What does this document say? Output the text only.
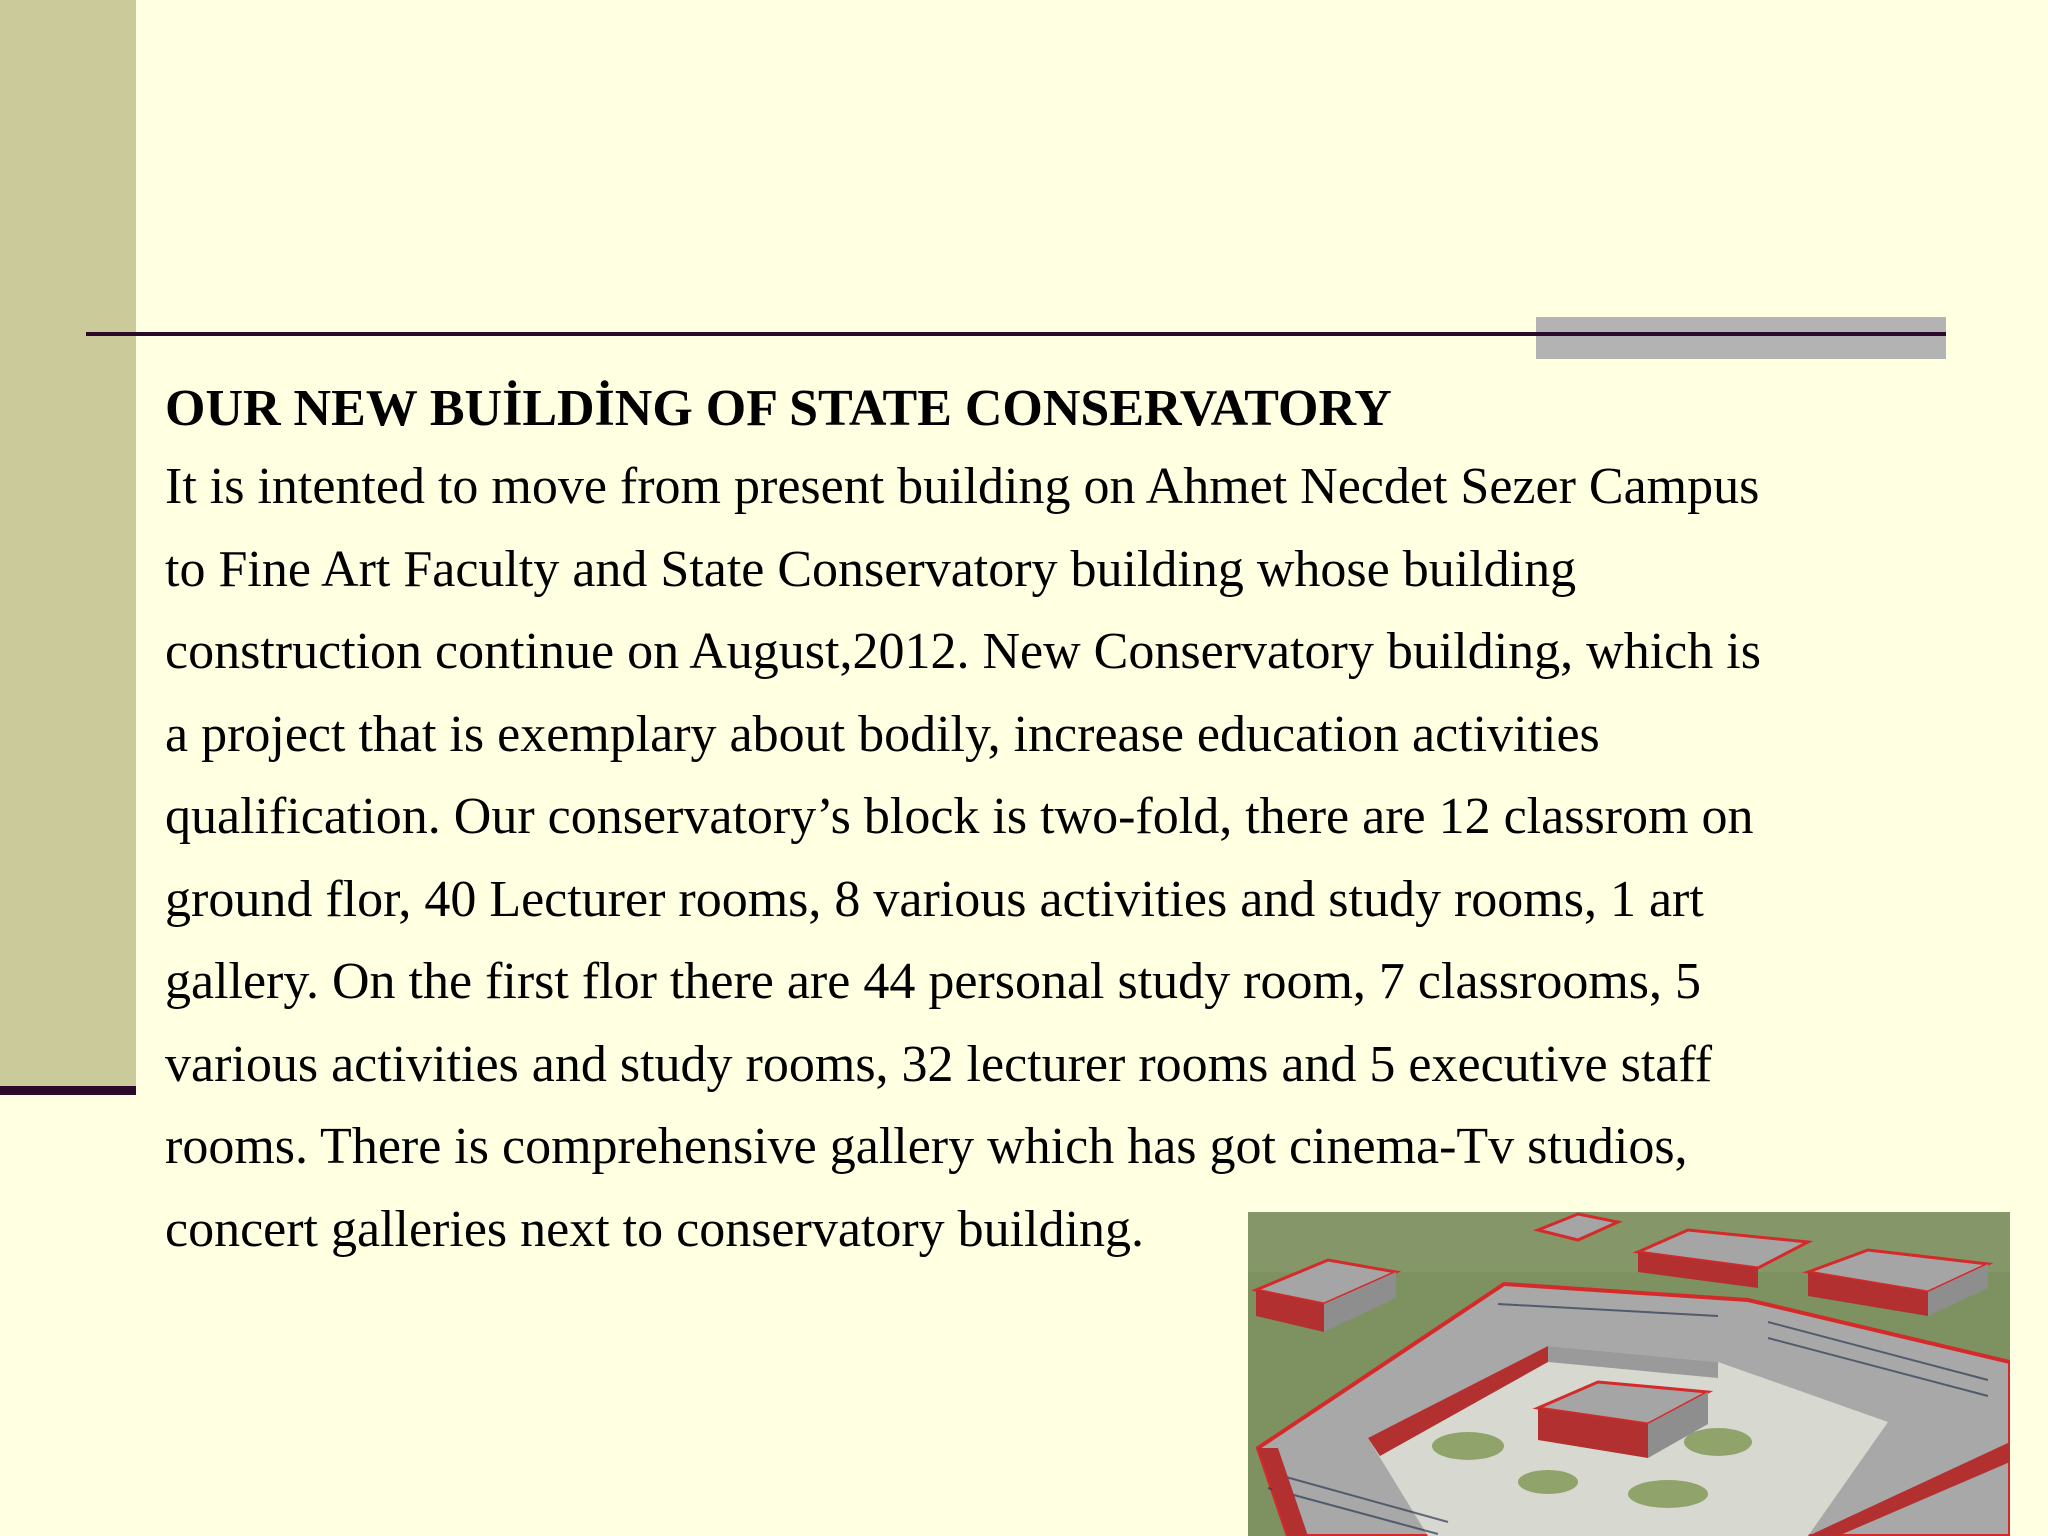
OUR NEW BUİLDİNG OF STATE CONSERVATORY

It is intented to move from present building on Ahmet Necdet Sezer Campus
to Fine Art Faculty and State Conservatory building whose building
construction continue on August,2012. New Conservatory building, which is
a project that is exemplary about bodily, increase education activities
qualification. Our conservatory’s block is two-fold, there are 12 classrom on
ground flor, 40 Lecturer rooms, 8 various activities and study rooms, 1 art
gallery. On the first flor there are 44 personal study room, 7 classrooms, 5
various activities and study rooms, 32 lecturer rooms and 5 executive staff
rooms. There is comprehensive gallery which has got cinema-Tv studios,
concert galleries next to conservatory building.
